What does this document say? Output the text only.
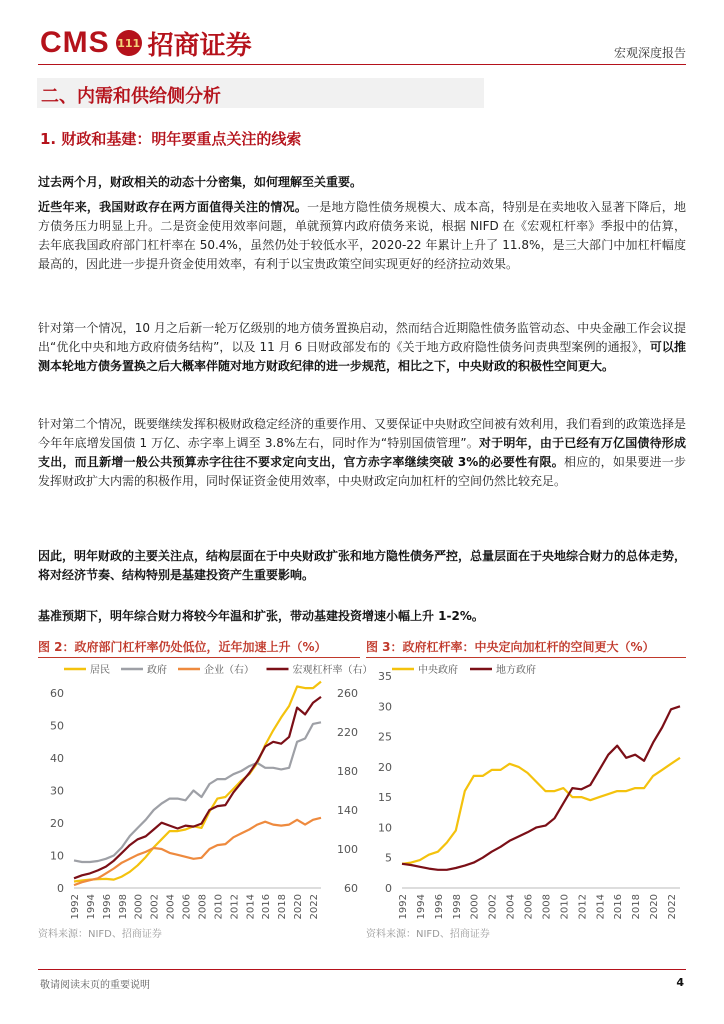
CMS 111 招商证券	宏观深度报告
二、内需和供给侧分析
1. 财政和基建：明年要重点关注的线索
过去两个月，财政相关的动态十分密集，如何理解至关重要。
近些年来，我国财政存在两方面值得关注的情况。一是地方隐性债务规模大、成本高，特别是在卖地收入显著下降后，地方债务压力明显上升。二是资金使用效率问题，单就预算内政府债务来说，根据 NIFD 在《宏观杠杆率》季报中的估算，去年底我国政府部门杠杆率在 50.4%，虽然仍处于较低水平，2020-22 年累计上升了 11.8%，是三大部门中加杠杆幅度最高的，因此进一步提升资金使用效率，有利于以宝贵政策空间实现更好的经济拉动效果。
针对第一个情况，10 月之后新一轮万亿级别的地方债务置换启动，然而结合近期隐性债务监管动态、中央金融工作会议提出“优化中央和地方政府债务结构”，以及 11 月 6 日财政部发布的《关于地方政府隐性债务问责典型案例的通报》，可以推测本轮地方债务置换之后大概率伴随对地方财政纪律的进一步规范，相比之下，中央财政的积极性空间更大。
针对第二个情况，既要继续发挥积极财政稳定经济的重要作用、又要保证中央财政空间被有效利用，我们看到的政策选择是今年年底增发国债 1 万亿、赤字率上调至 3.8%左右，同时作为“特别国债管理”。对于明年，由于已经有万亿国债待形成支出，而且新增一般公共预算赤字往往不要求定向支出，官方赤字率继续突破 3%的必要性有限。相应的，如果要进一步发挥财政扩大内需的积极作用，同时保证资金使用效率，中央财政定向加杠杆的空间仍然比较充足。
因此，明年财政的主要关注点，结构层面在于中央财政扩张和地方隐性债务严控，总量层面在于央地综合财力的总体走势，将对经济节奏、结构特别是基建投资产生重要影响。
基准预期下，明年综合财力将较今年温和扩张，带动基建投资增速小幅上升 1-2%。
图 2：政府部门杠杆率仍处低位，近年加速上升（%）
居民	政府	企业（右）	宏观杠杆率（右）
0
10
20
30
40
50
60
60
100
140
180
220
260
1992 1994 1996 1998 2000 2002 2004 2006 2008 2010 2012 2014 2016 2018 2020 2022
资料来源：NIFD、招商证券
图 3：政府杠杆率：中央定向加杠杆的空间更大（%）
中央政府	地方政府
0
5
10
15
20
25
30
35
1992 1994 1996 1998 2000 2002 2004 2006 2008 2010 2012 2014 2016 2018 2020 2022
资料来源：NIFD、招商证券
敬请阅读末页的重要说明	4
